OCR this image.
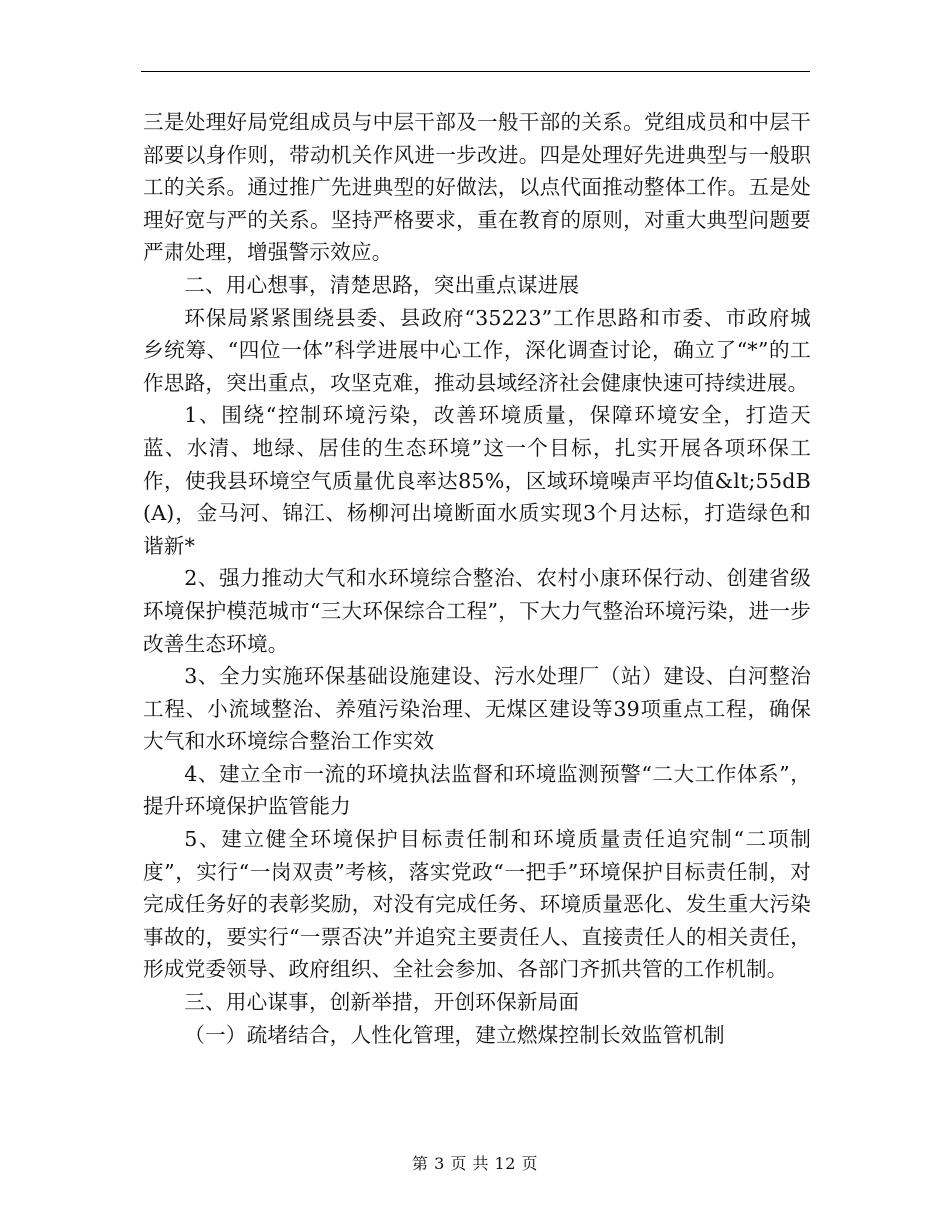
三是处理好局党组成员与中层干部及一般干部的关系。党组成员和中层干部要以身作则，带动机关作风进一步改进。四是处理好先进典型与一般职工的关系。通过推广先进典型的好做法，以点代面推动整体工作。五是处理好宽与严的关系。坚持严格要求，重在教育的原则，对重大典型问题要严肃处理，增强警示效应。

二、用心想事，清楚思路，突出重点谋进展

环保局紧紧围绕县委、县政府“35223”工作思路和市委、市政府城乡统筹、“四位一体”科学进展中心工作，深化调查讨论，确立了“*”的工作思路，突出重点，攻坚克难，推动县域经济社会健康快速可持续进展。

1、围绕“控制环境污染，改善环境质量，保障环境安全，打造天蓝、水清、地绿、居佳的生态环境”这一个目标，扎实开展各项环保工作，使我县环境空气质量优良率达85%，区域环境噪声平均值&lt;55dB(A)，金马河、锦江、杨柳河出境断面水质实现3个月达标，打造绿色和谐新*

2、强力推动大气和水环境综合整治、农村小康环保行动、创建省级环境保护模范城市“三大环保综合工程”，下大力气整治环境污染，进一步改善生态环境。

3、全力实施环保基础设施建设、污水处理厂（站）建设、白河整治工程、小流域整治、养殖污染治理、无煤区建设等39项重点工程，确保大气和水环境综合整治工作实效

4、建立全市一流的环境执法监督和环境监测预警“二大工作体系”，提升环境保护监管能力

5、建立健全环境保护目标责任制和环境质量责任追究制“二项制度”，实行“一岗双责”考核，落实党政“一把手”环境保护目标责任制，对完成任务好的表彰奖励，对没有完成任务、环境质量恶化、发生重大污染事故的，要实行“一票否决”并追究主要责任人、直接责任人的相关责任，形成党委领导、政府组织、全社会参加、各部门齐抓共管的工作机制。

三、用心谋事，创新举措，开创环保新局面

（一）疏堵结合，人性化管理，建立燃煤控制长效监管机制

第 3 页 共 12 页
